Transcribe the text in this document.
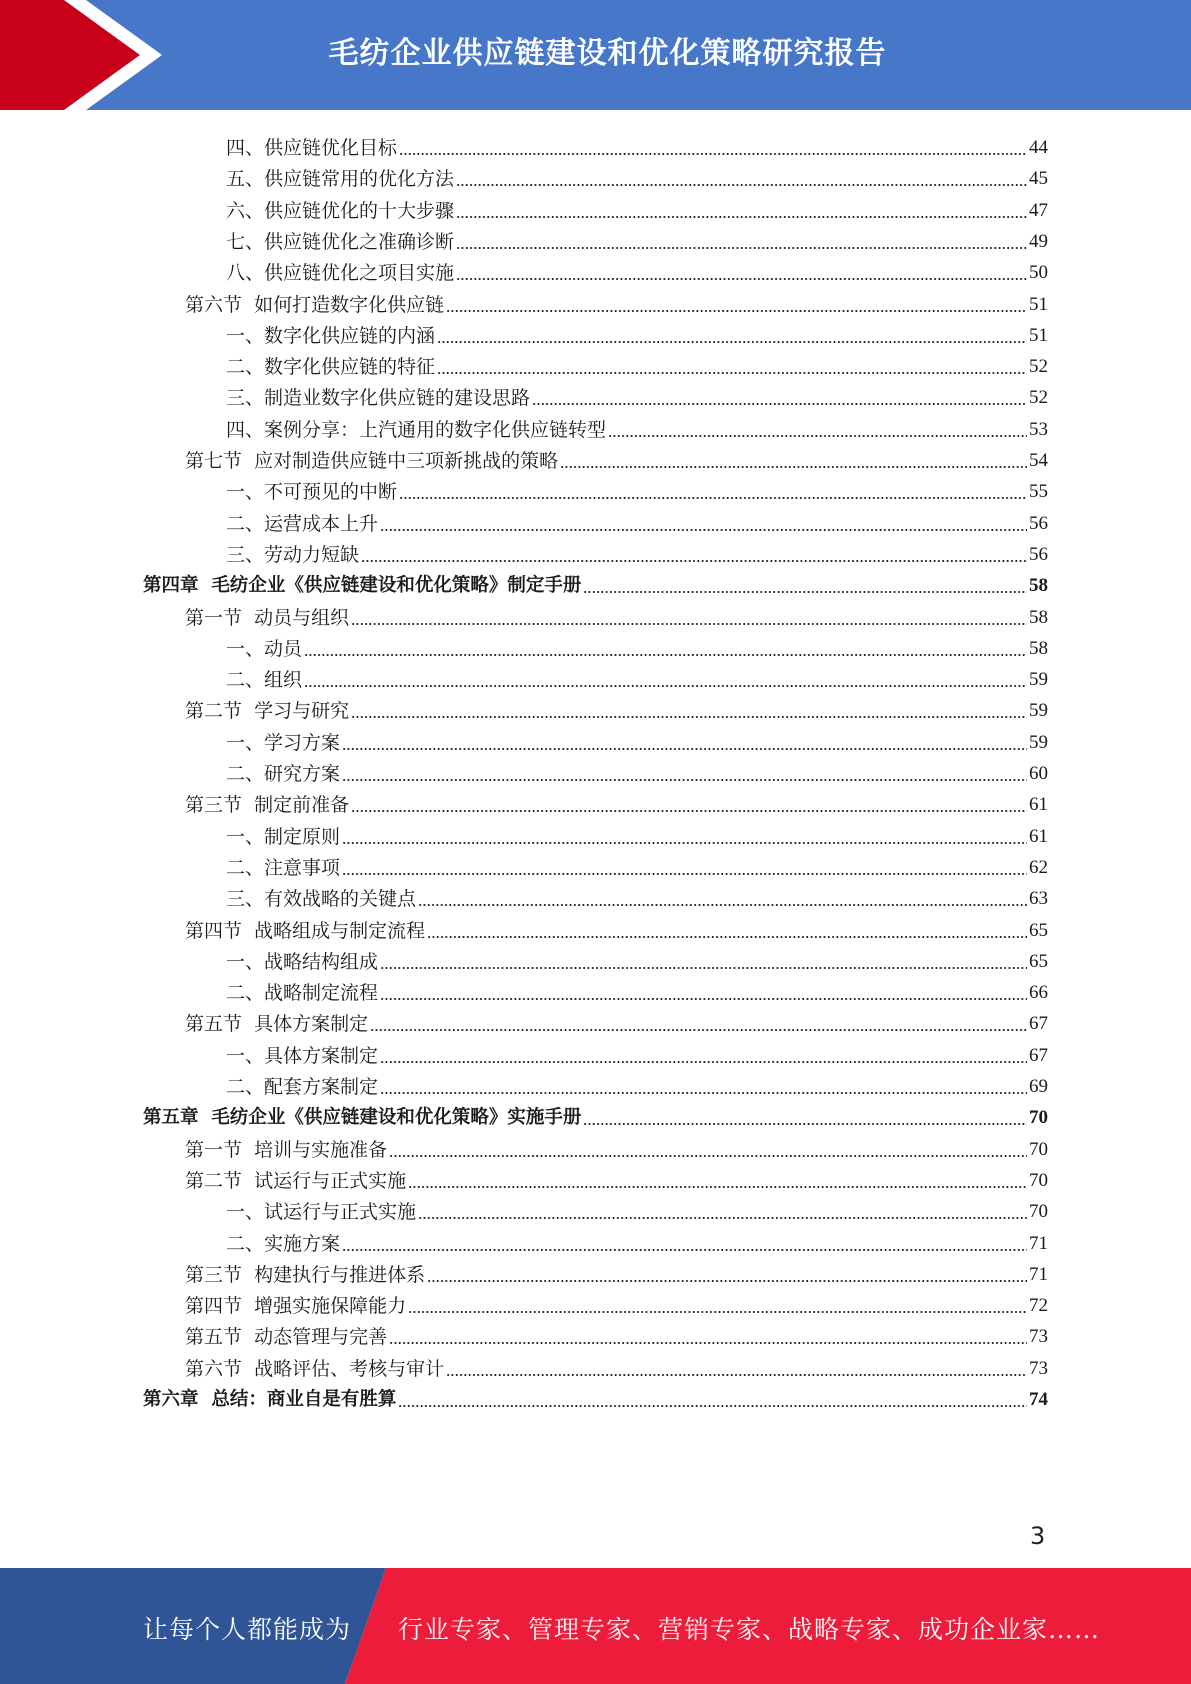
毛纺企业供应链建设和优化策略研究报告
四、供应链优化目标	44
五、供应链常用的优化方法	45
六、供应链优化的十大步骤	47
七、供应链优化之准确诊断	49
八、供应链优化之项目实施	50
第六节  如何打造数字化供应链	51
一、数字化供应链的内涵	51
二、数字化供应链的特征	52
三、制造业数字化供应链的建设思路	52
四、案例分享：上汽通用的数字化供应链转型	53
第七节  应对制造供应链中三项新挑战的策略	54
一、不可预见的中断	55
二、运营成本上升	56
三、劳动力短缺	56
第四章  毛纺企业《供应链建设和优化策略》制定手册	58
第一节  动员与组织	58
一、动员	58
二、组织	59
第二节  学习与研究	59
一、学习方案	59
二、研究方案	60
第三节  制定前准备	61
一、制定原则	61
二、注意事项	62
三、有效战略的关键点	63
第四节  战略组成与制定流程	65
一、战略结构组成	65
二、战略制定流程	66
第五节  具体方案制定	67
一、具体方案制定	67
二、配套方案制定	69
第五章  毛纺企业《供应链建设和优化策略》实施手册	70
第一节  培训与实施准备	70
第二节  试运行与正式实施	70
一、试运行与正式实施	70
二、实施方案	71
第三节  构建执行与推进体系	71
第四节  增强实施保障能力	72
第五节  动态管理与完善	73
第六节  战略评估、考核与审计	73
第六章  总结：商业自是有胜算	74
3
让每个人都能成为 行业专家、管理专家、营销专家、战略专家、成功企业家……
